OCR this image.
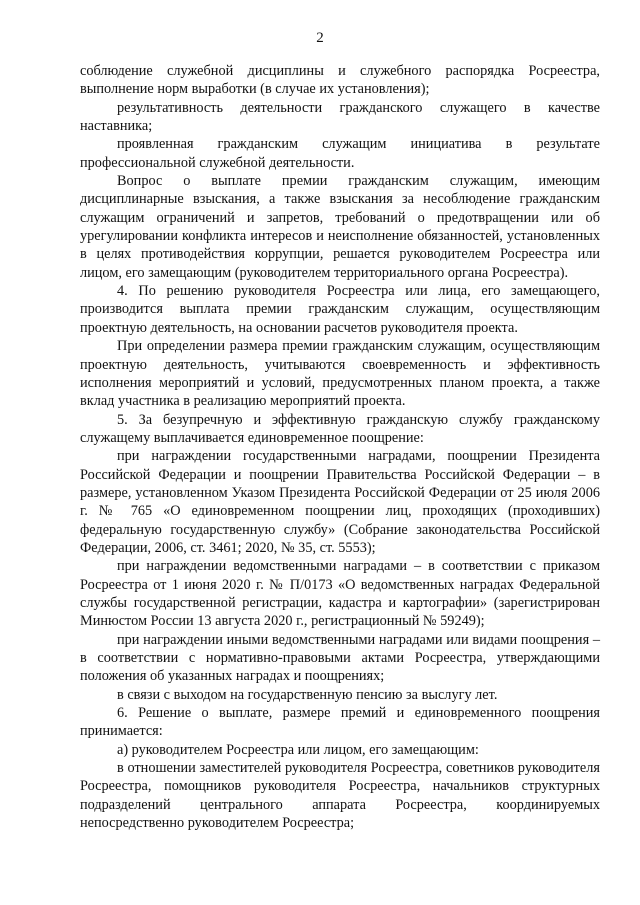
2

соблюдение служебной дисциплины и служебного распорядка Росреестра, выполнение норм выработки (в случае их установления);

результативность деятельности гражданского служащего в качестве наставника;

проявленная гражданским служащим инициатива в результате профессиональной служебной деятельности.

Вопрос о выплате премии гражданским служащим, имеющим дисциплинарные взыскания, а также взыскания за несоблюдение гражданским служащим ограничений и запретов, требований о предотвращении или об урегулировании конфликта интересов и неисполнение обязанностей, установленных в целях противодействия коррупции, решается руководителем Росреестра или лицом, его замещающим (руководителем территориального органа Росреестра).

4. По решению руководителя Росреестра или лица, его замещающего, производится выплата премии гражданским служащим, осуществляющим проектную деятельность, на основании расчетов руководителя проекта.

При определении размера премии гражданским служащим, осуществляющим проектную деятельность, учитываются своевременность и эффективность исполнения мероприятий и условий, предусмотренных планом проекта, а также вклад участника в реализацию мероприятий проекта.

5. За безупречную и эффективную гражданскую службу гражданскому служащему выплачивается единовременное поощрение:

при награждении государственными наградами, поощрении Президента Российской Федерации и поощрении Правительства Российской Федерации – в размере, установленном Указом Президента Российской Федерации от 25 июля 2006 г. № 765 «О единовременном поощрении лиц, проходящих (проходивших) федеральную государственную службу» (Собрание законодательства Российской Федерации, 2006, ст. 3461; 2020, № 35, ст. 5553);

при награждении ведомственными наградами – в соответствии с приказом Росреестра от 1 июня 2020 г. № П/0173 «О ведомственных наградах Федеральной службы государственной регистрации, кадастра и картографии» (зарегистрирован Минюстом России 13 августа 2020 г., регистрационный № 59249);

при награждении иными ведомственными наградами или видами поощрения – в соответствии с нормативно-правовыми актами Росреестра, утверждающими положения об указанных наградах и поощрениях;

в связи с выходом на государственную пенсию за выслугу лет.

6. Решение о выплате, размере премий и единовременного поощрения принимается:

а) руководителем Росреестра или лицом, его замещающим:

в отношении заместителей руководителя Росреестра, советников руководителя Росреестра, помощников руководителя Росреестра, начальников структурных подразделений центрального аппарата Росреестра, координируемых непосредственно руководителем Росреестра;
